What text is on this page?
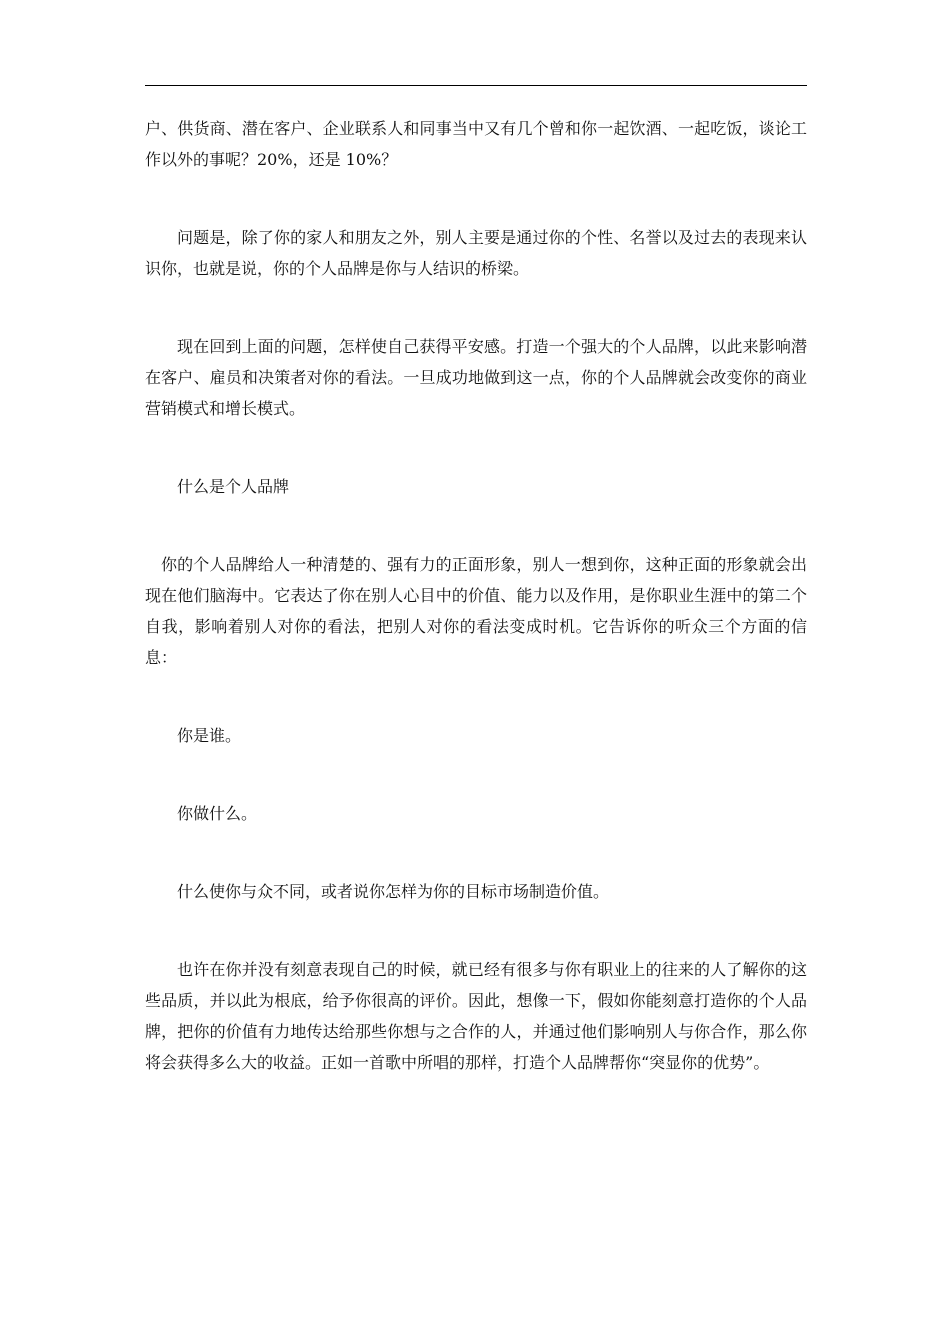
户、供货商、潜在客户、企业联系人和同事当中又有几个曾和你一起饮酒、一起吃饭，谈论工作以外的事呢？20%，还是 10%？

问题是，除了你的家人和朋友之外，别人主要是通过你的个性、名誉以及过去的表现来认识你，也就是说，你的个人品牌是你与人结识的桥梁。

现在回到上面的问题，怎样使自己获得平安感。打造一个强大的个人品牌，以此来影响潜在客户、雇员和决策者对你的看法。一旦成功地做到这一点，你的个人品牌就会改变你的商业营销模式和增长模式。

什么是个人品牌

你的个人品牌给人一种清楚的、强有力的正面形象，别人一想到你，这种正面的形象就会出现在他们脑海中。它表达了你在别人心目中的价值、能力以及作用，是你职业生涯中的第二个自我，影响着别人对你的看法，把别人对你的看法变成时机。它告诉你的听众三个方面的信息：

你是谁。

你做什么。

什么使你与众不同，或者说你怎样为你的目标市场制造价值。

也许在你并没有刻意表现自己的时候，就已经有很多与你有职业上的往来的人了解你的这些品质，并以此为根底，给予你很高的评价。因此，想像一下，假如你能刻意打造你的个人品牌，把你的价值有力地传达给那些你想与之合作的人，并通过他们影响别人与你合作，那么你将会获得多么大的收益。正如一首歌中所唱的那样，打造个人品牌帮你“突显你的优势”。
